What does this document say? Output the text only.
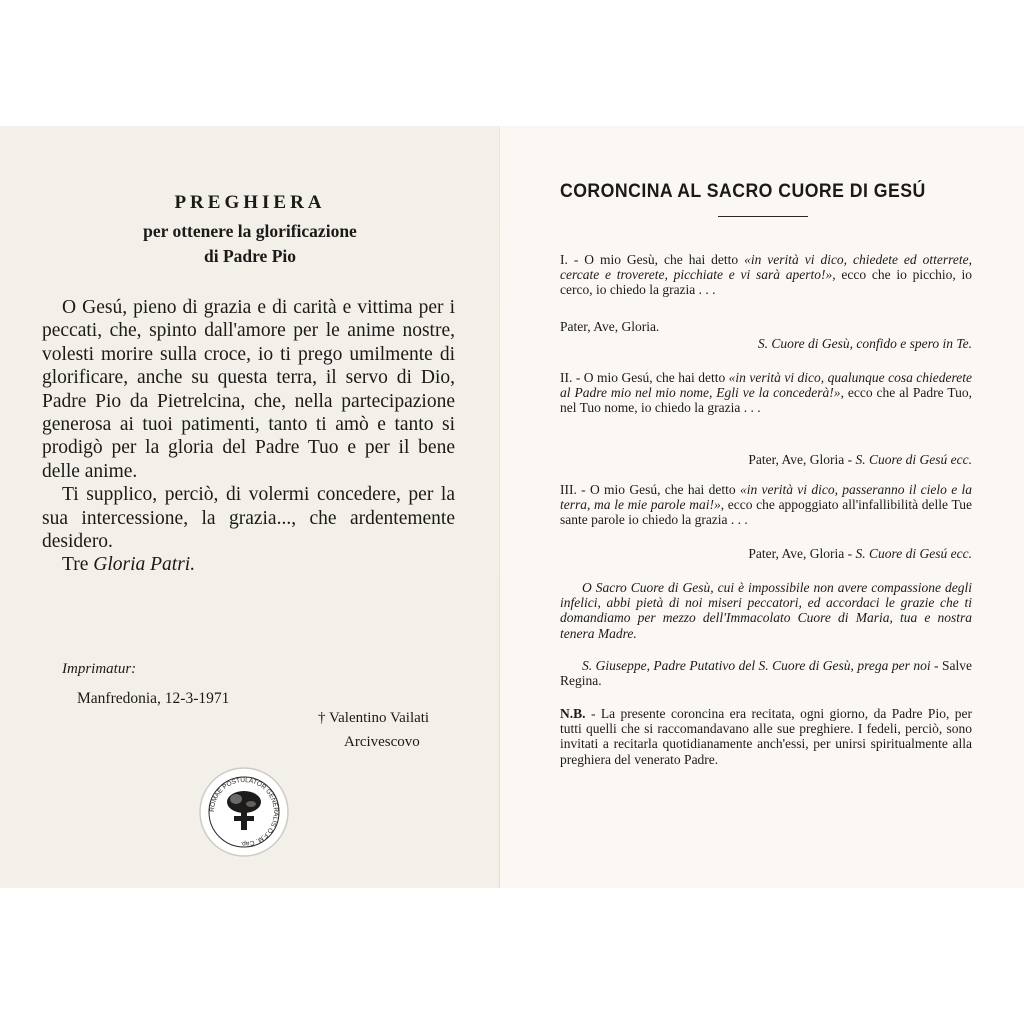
PREGHIERA
per ottenere la glorificazione
di Padre Pio

O Gesú, pieno di grazia e di carità e vittima per i peccati, che, spinto dall'amore per le anime nostre, volesti morire sulla croce, io ti prego umilmente di glorificare, anche su questa terra, il servo di Dio, Padre Pio da Pietrelcina, che, nella partecipazione generosa ai tuoi patimenti, tanto ti amò e tanto si prodigò per la gloria del Padre Tuo e per il bene delle anime.

Ti supplico, perciò, di volermi concedere, per la sua intercessione, la grazia..., che ardentemente desidero.

Tre Gloria Patri.

Imprimatur:
Manfredonia, 12-3-1971
† Valentino Vailati
Arcivescovo
ROMAE POSTULATOR GENERALIS O.F.M. Cap.
CORONCINA AL SACRO CUORE DI GESÚ
I. - O mio Gesù, che hai detto «in verità vi dico, chiedete ed otterrete, cercate e troverete, picchiate e vi sarà aperto!», ecco che io picchio, io cerco, io chiedo la grazia . . .
Pater, Ave, Gloria.
S. Cuore di Gesù, confido e spero in Te.
II. - O mio Gesú, che hai detto «in verità vi dico, qualunque cosa chiederete al Padre mio nel mio nome, Egli ve la concederà!», ecco che al Padre Tuo, nel Tuo nome, io chiedo la grazia . . .
Pater, Ave, Gloria - S. Cuore di Gesú ecc.
III. - O mio Gesú, che hai detto «in verità vi dico, passeranno il cielo e la terra, ma le mie parole mai!», ecco che appoggiato all'infallibilità delle Tue sante parole io chiedo la grazia . . .
Pater, Ave, Gloria - S. Cuore di Gesú ecc.
O Sacro Cuore di Gesù, cui è impossibile non avere compassione degli infelici, abbi pietà di noi miseri peccatori, ed accordaci le grazie che ti domandiamo per mezzo dell'Immacolato Cuore di Maria, tua e nostra tenera Madre.
S. Giuseppe, Padre Putativo del S. Cuore di Gesù, prega per noi - Salve Regina.
N.B. - La presente coroncina era recitata, ogni giorno, da Padre Pio, per tutti quelli che si raccomandavano alle sue preghiere. I fedeli, perciò, sono invitati a recitarla quotidianamente anch'essi, per unirsi spiritualmente alla preghiera del venerato Padre.
